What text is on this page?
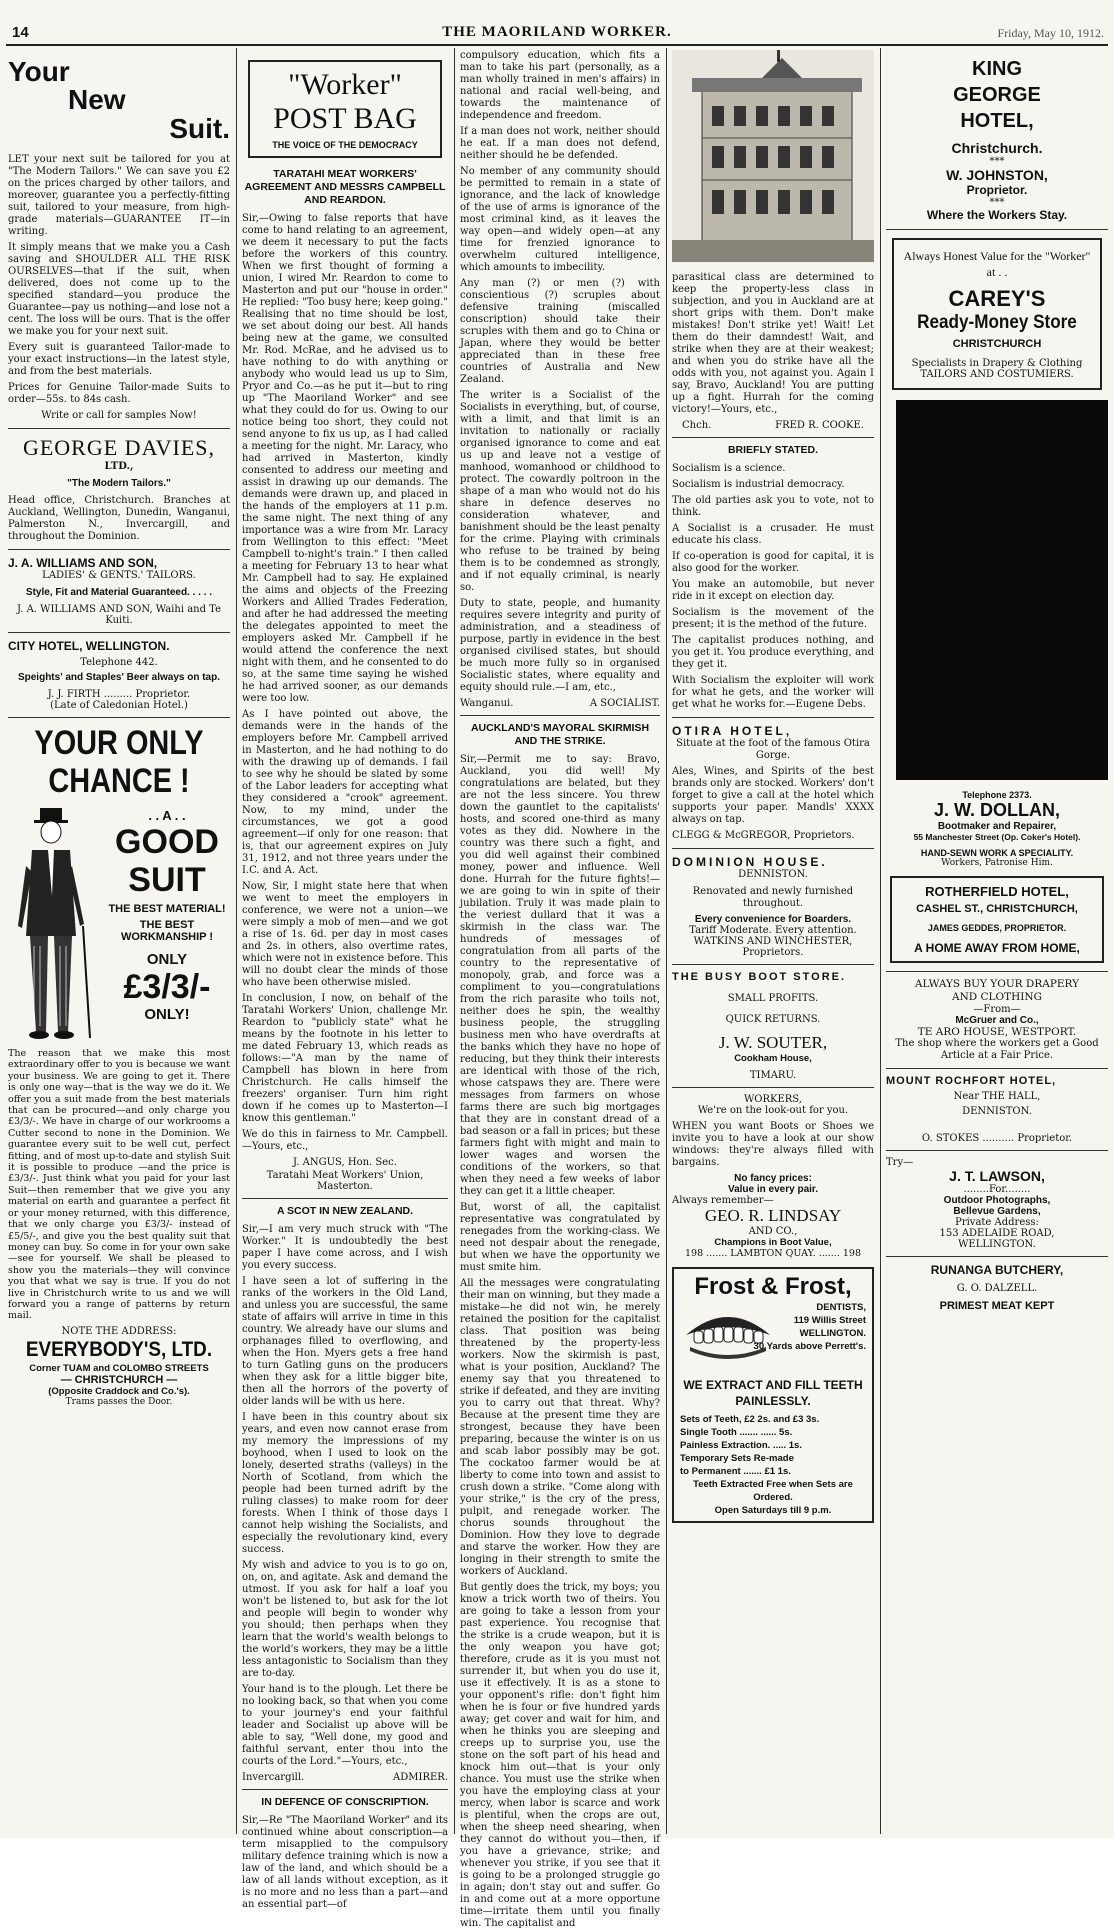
14	THE MAORILAND WORKER.	Friday, May 10, 1912.
Your
New
Suit.

LET your next suit be tailored for you at "The Modern Tailors." We can save you £2 on the prices charged by other tailors, and moreover, guarantee you a perfectly-fitting suit, tailored to your measure, from high-grade materials—GUARANTEE IT—in writing.

It simply means that we make you a Cash saving and SHOULDER ALL THE RISK OURSELVES—that if the suit, when delivered, does not come up to the specified standard—you produce the Guarantee—pay us nothing—and lose not a cent. The loss will be ours. That is the offer we make you for your next suit.

Every suit is guaranteed Tailor-made to your exact instructions—in the latest style, and from the best materials.

Prices for Genuine Tailor-made Suits to order—55s. to 84s cash.

Write or call for samples Now!

GEORGE DAVIES,
LTD.,
"The Modern Tailors."

Head office, Christchurch. Branches at Auckland, Wellington, Dunedin, Wanganui, Palmerston N., Invercargill, and throughout the Dominion.

J. A. WILLIAMS AND SON,
LADIES' & GENTS.' TAILORS.
Style, Fit and Material Guaranteed. . . . .
J. A. WILLIAMS AND SON, Waihi and Te Kuiti.
CITY HOTEL, WELLINGTON.
Telephone 442.
Speights' and Staples' Beer always on tap.
J. J. FIRTH ......... Proprietor.
(Late of Caledonian Hotel.)
YOUR ONLY
CHANCE !
. . A . .
GOOD
SUIT
THE BEST MATERIAL!
THE BEST WORKMANSHIP !
ONLY
£3/3/-
ONLY!

The reason that we make this most extraordinary offer to you is because we want your business. We are going to get it. There is only one way—that is the way we do it. We offer you a suit made from the best materials that can be procured—and only charge you £3/3/-. We have in charge of our workrooms a Cutter second to none in the Dominion. We guarantee every suit to be well cut, perfect fitting, and of most up-to-date and stylish Suit it is possible to produce —and the price is £3/3/-. Just think what you paid for your last Suit—then remember that we give you any material on earth and guarantee a perfect fit or your money returned, with this difference, that we only charge you £3/3/- instead of £5/5/-, and give you the best quality suit that money can buy. So come in for your own sake—see for yourself. We shall be pleased to show you the materials—they will convince you that what we say is true. If you do not live in Christchurch write to us and we will forward you a range of patterns by return mail.

NOTE THE ADDRESS:
EVERYBODY'S, LTD.
Corner TUAM and COLOMBO STREETS
— CHRISTCHURCH —
(Opposite Craddock and Co.'s).
Trams passes the Door.
"Worker" POST BAG
THE VOICE OF THE DEMOCRACY
TARATAHI MEAT WORKERS' AGREEMENT AND MESSRS CAMPBELL AND REARDON.

Sir,—Owing to false reports that have come to hand relating to an agreement, we deem it necessary to put the facts before the workers of this country. When we first thought of forming a union, I wired Mr. Reardon to come to Masterton and put our "house in order." He replied: "Too busy here; keep going." Realising that no time should be lost, we set about doing our best. All hands being new at the game, we consulted Mr. Rod. McRae, and he advised us to have nothing to do with anything or anybody who would lead us up to Sim, Pryor and Co.—as he put it—but to ring up "The Maoriland Worker" and see what they could do for us. Owing to our notice being too short, they could not send anyone to fix us up, as I had called a meeting for the night. Mr. Laracy, who had arrived in Masterton, kindly consented to address our meeting and assist in drawing up our demands. The demands were drawn up, and placed in the hands of the employers at 11 p.m. the same night. The next thing of any importance was a wire from Mr. Laracy from Wellington to this effect: "Meet Campbell to-night's train." I then called a meeting for February 13 to hear what Mr. Campbell had to say. He explained the aims and objects of the Freezing Workers and Allied Trades Federation, and after he had addressed the meeting the delegates appointed to meet the employers asked Mr. Campbell if he would attend the conference the next night with them, and he consented to do so, at the same time saying he wished he had arrived sooner, as our demands were too low.

As I have pointed out above, the demands were in the hands of the employers before Mr. Campbell arrived in Masterton, and he had nothing to do with the drawing up of demands. I fail to see why he should be slated by some of the Labor leaders for accepting what they considered a "crook" agreement. Now, to my mind, under the circumstances, we got a good agreement—if only for one reason: that is, that our agreement expires on July 31, 1912, and not three years under the I.C. and A. Act.

Now, Sir, I might state here that when we went to meet the employers in conference, we were not a union—we were simply a mob of men—and we got a rise of 1s. 6d. per day in most cases and 2s. in others, also overtime rates, which were not in existence before. This will no doubt clear the minds of those who have been otherwise misled.

In conclusion, I now, on behalf of the Taratahi Workers' Union, challenge Mr. Reardon to "publicly state" what he means by the footnote in his letter to me dated February 13, which reads as follows:—"A man by the name of Campbell has blown in here from Christchurch. He calls himself the freezers' organiser. Turn him right down if he comes up to Masterton—I know this gentleman."

We do this in fairness to Mr. Campbell.—Yours, etc.,

J. ANGUS, Hon. Sec.
Taratahi Meat Workers' Union, Masterton.
A SCOT IN NEW ZEALAND.

Sir,—I am very much struck with "The Worker." It is undoubtedly the best paper I have come across, and I wish you every success.

I have seen a lot of suffering in the ranks of the workers in the Old Land, and unless you are successful, the same state of affairs will arrive in time in this country. We already have our slums and orphanages filled to overflowing, and when the Hon. Myers gets a free hand to turn Gatling guns on the producers when they ask for a little bigger bite, then all the horrors of the poverty of older lands will be with us here.

I have been in this country about six years, and even now cannot erase from my memory the impressions of my boyhood, when I used to look on the lonely, deserted straths (valleys) in the North of Scotland, from which the people had been turned adrift by the ruling classes) to make room for deer forests. When I think of those days I cannot help wishing the Socialists, and especially the revolutionary kind, every success.

My wish and advice to you is to go on, on, on, and agitate. Ask and demand the utmost. If you ask for half a loaf you won't be listened to, but ask for the lot and people will begin to wonder why you should; then perhaps when they learn that the world's wealth belongs to the world's workers, they may be a little less antagonistic to Socialism than they are to-day.

Your hand is to the plough. Let there be no looking back, so that when you come to your journey's end your faithful leader and Socialist up above will be able to say, "Well done, my good and faithful servant, enter thou into the courts of the Lord."—Yours, etc.,

Invercargill.	ADMIRER.
IN DEFENCE OF CONSCRIPTION.

Sir,—Re "The Maoriland Worker" and its continued whine about conscription—a term misapplied to the compulsory military defence training which is now a law of the land, and which should be a law of all lands without exception, as it is no more and no less than a part—and an essential part—of

compulsory education, which fits a man to take his part (personally, as a man wholly trained in men's affairs) in national and racial well-being, and towards the maintenance of independence and freedom.

If a man does not work, neither should he eat. If a man does not defend, neither should he be defended.

No member of any community should be permitted to remain in a state of ignorance, and the lack of knowledge of the use of arms is ignorance of the most criminal kind, as it leaves the way open—and widely open—at any time for frenzied ignorance to overwhelm cultured intelligence, which amounts to imbecility.

Any man (?) or men (?) with conscientious (?) scruples about defensive training (miscalled conscription) should take their scruples with them and go to China or Japan, where they would be better appreciated than in these free countries of Australia and New Zealand.

The writer is a Socialist of the Socialists in everything, but, of course, with a limit, and that limit is an invitation to nationally or racially organised ignorance to come and eat us up and leave not a vestige of manhood, womanhood or childhood to protect. The cowardly poltroon in the shape of a man who would not do his share in defence deserves no consideration whatever, and banishment should be the least penalty for the crime. Playing with criminals who refuse to be trained by being them is to be condemned as strongly, and if not equally criminal, is nearly so.

Duty to state, people, and humanity requires severe integrity and purity of administration, and a steadiness of purpose, partly in evidence in the best organised civilised states, but should be much more fully so in organised Socialistic states, where equality and equity should rule.—I am, etc.,

Wanganui.	A SOCIALIST.
AUCKLAND'S MAYORAL SKIRMISH AND THE STRIKE.

Sir,—Permit me to say: Bravo, Auckland, you did well! My congratulations are belated, but they are not the less sincere. You threw down the gauntlet to the capitalists' hosts, and scored one-third as many votes as they did. Nowhere in the country was there such a fight, and you did well against their combined money, power and influence. Well done. Hurrah for the future fights!—we are going to win in spite of their jubilation. Truly it was made plain to the veriest dullard that it was a skirmish in the class war. The hundreds of messages of congratulation from all parts of the country to the representative of monopoly, grab, and force was a compliment to you—congratulations from the rich parasite who toils not, neither does he spin, the wealthy business people, the struggling business men who have overdrafts at the banks which they have no hope of reducing, but they think their interests are identical with those of the rich, whose catspaws they are. There were messages from farmers on whose farms there are such big mortgages that they are in constant dread of a bad season or a fall in prices; but these farmers fight with might and main to lower wages and worsen the conditions of the workers, so that when they need a few weeks of labor they can get it a little cheaper.

But, worst of all, the capitalist representative was congratulated by renegades from the working-class. We need not despair about the renegade, but when we have the opportunity we must smite him.

All the messages were congratulating their man on winning, but they made a mistake—he did not win, he merely retained the position for the capitalist class. That position was being threatened by the property-less workers. Now the skirmish is past, what is your position, Auckland? The enemy say that you threatened to strike if defeated, and they are inviting you to carry out that threat. Why? Because at the present time they are strongest, because they have been preparing, because the winter is on us and scab labor possibly may be got. The cockatoo farmer would be at liberty to come into town and assist to crush down a strike. "Come along with your strike," is the cry of the press, pulpit, and renegade worker. The chorus sounds throughout the Dominion. How they love to degrade and starve the worker. How they are longing in their strength to smite the workers of Auckland.

But gently does the trick, my boys; you know a trick worth two of theirs. You are going to take a lesson from your past experience. You recognise that the strike is a crude weapon, but it is the only weapon you have got; therefore, crude as it is you must not surrender it, but when you do use it, use it effectively. It is as a stone to your opponent's rifle: don't fight him when he is four or five hundred yards away; get cover and wait for him, and when he thinks you are sleeping and creeps up to surprise you, use the stone on the soft part of his head and knock him out—that is your only chance. You must use the strike when you have the employing class at your mercy, when labor is scarce and work is plentiful, when the crops are out, when the sheep need shearing, when they cannot do without you—then, if you have a grievance, strike; and whenever you strike, if you see that it is going to be a prolonged struggle go in again; don't stay out and suffer. Go in and come out at a more opportune time—irritate them until you finally win. The capitalist and

parasitical class are determined to keep the property-less class in subjection, and you in Auckland are at short grips with them. Don't make mistakes! Don't strike yet! Wait! Let them do their damndest! Wait, and strike when they are at their weakest; and when you do strike have all the odds with you, not against you. Again I say, Bravo, Auckland! You are putting up a fight. Hurrah for the coming victory!—Yours, etc.,

Chch.	FRED R. COOKE.
BRIEFLY STATED.

Socialism is a science.

Socialism is industrial democracy.

The old parties ask you to vote, not to think.

A Socialist is a crusader. He must educate his class.

If co-operation is good for capital, it is also good for the worker.

You make an automobile, but never ride in it except on election day.

Socialism is the movement of the present; it is the method of the future.

The capitalist produces nothing, and you get it. You produce everything, and they get it.

With Socialism the exploiter will work for what he gets, and the worker will get what he works for.—Eugene Debs.

OTIRA HOTEL,

Situate at the foot of the famous Otira Gorge.

Ales, Wines, and Spirits of the best brands only are stocked. Workers' don't forget to give a call at the hotel which supports your paper. Mandls' XXXX always on tap.

CLEGG & McGREGOR, Proprietors.

DOMINION HOUSE.
DENNISTON.

Renovated and newly furnished throughout.

Every convenience for Boarders.
Tariff Moderate. Every attention.
WATKINS AND WINCHESTER, Proprietors.
THE BUSY BOOT STORE.
SMALL PROFITS.
QUICK RETURNS.
J. W. SOUTER,
Cookham House,
TIMARU.
WORKERS,

We're on the look-out for you.

WHEN you want Boots or Shoes we invite you to have a look at our show windows: they're always filled with bargains.

No fancy prices:
Value in every pair.
Always remember—
GEO. R. LINDSAY
AND CO.,
Champions in Boot Value,
198 ....... LAMBTON QUAY. ....... 198
Frost & Frost,
DENTISTS,
119 Willis Street
WELLINGTON.
30 Yards above Perrett's.
WE EXTRACT AND FILL TEETH PAINLESSLY.
Sets of Teeth, £2 2s. and £3 3s.
Single Tooth ....... ...... 5s.
Painless Extraction. ..... 1s.
Temporary Sets Re-made
to Permanent ....... £1 1s.
Teeth Extracted Free when Sets are Ordered.
Open Saturdays till 9 p.m.
KING
GEORGE
HOTEL,
Christchurch.
***
W. JOHNSTON,
Proprietor.
***
Where the Workers Stay.
Always Honest Value for the "Worker" at . .
CAREY'S
Ready-Money Store
CHRISTCHURCH
Specialists in Drapery & Clothing
TAILORS AND COSTUMIERS.
Telephone 2373.
J. W. DOLLAN,
Bootmaker and Repairer,
55 Manchester Street (Op. Coker's Hotel).
HAND-SEWN WORK A SPECIALITY.
Workers, Patronise Him.
ROTHERFIELD HOTEL,
CASHEL ST., CHRISTCHURCH,
JAMES GEDDES, PROPRIETOR.
A HOME AWAY FROM HOME,
ALWAYS BUY YOUR DRAPERY AND CLOTHING
—From—
McGruer and Co.,
TE ARO HOUSE, WESTPORT.
The shop where the workers get a Good Article at a Fair Price.
MOUNT ROCHFORT HOTEL,
Near THE HALL,
DENNISTON.
O. STOKES .......... Proprietor.
Try—
J. T. LAWSON,
........For........
Outdoor Photographs,
Bellevue Gardens,
Private Address:
153 ADELAIDE ROAD,
WELLINGTON.
RUNANGA BUTCHERY,
G. O. DALZELL.
PRIMEST MEAT KEPT
